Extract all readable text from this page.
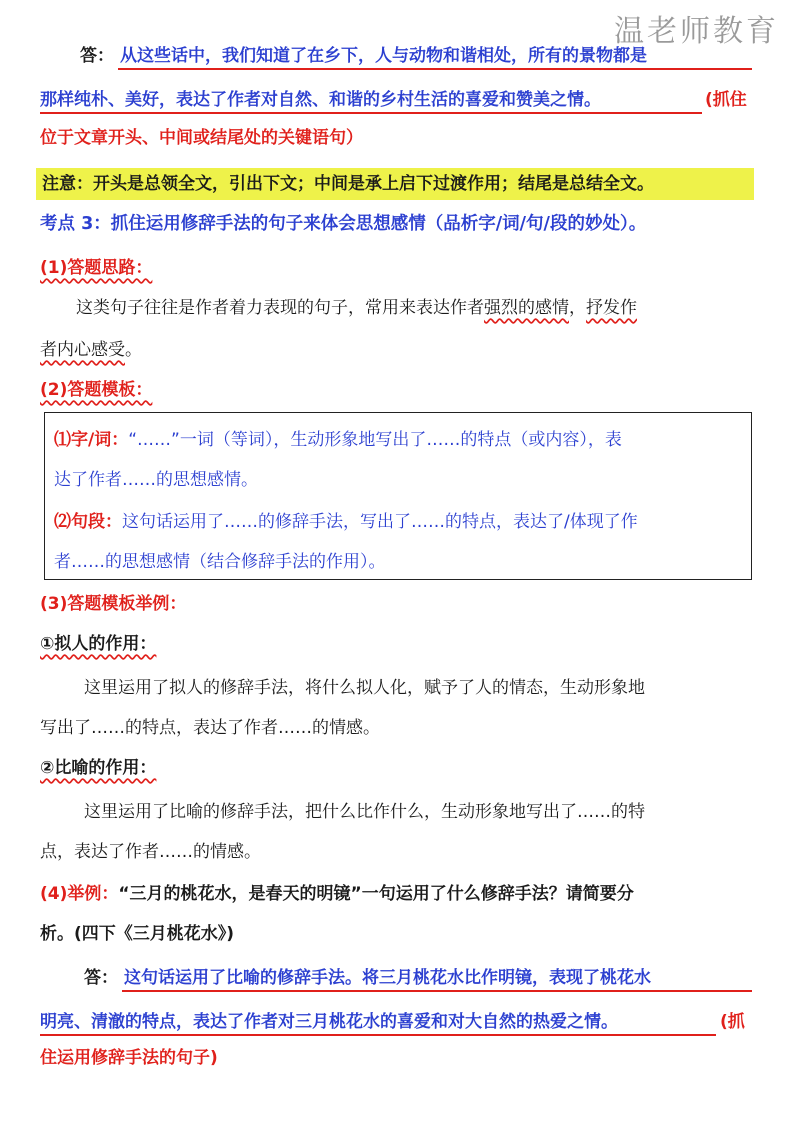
温老师教育
答： 从这些话中，我们知道了在乡下，人与动物和谐相处，所有的景物都是
那样纯朴、美好，表达了作者对自然、和谐的乡村生活的喜爱和赞美之情。	(抓住
位于文章开头、中间或结尾处的关键语句）
注意：开头是总领全文，引出下文；中间是承上启下过渡作用；结尾是总结全文。
考点 3：抓住运用修辞手法的句子来体会思想感情（品析字/词/句/段的妙处）。
(1)答题思路：
这类句子往往是作者着力表现的句子，常用来表达作者强烈的感情，抒发作
者内心感受。
(2)答题模板：
⑴字/词：“……”一词（等词），生动形象地写出了……的特点（或内容），表
达了作者……的思想感情。
⑵句段：这句话运用了……的修辞手法，写出了……的特点，表达了/体现了作
者……的思想感情（结合修辞手法的作用）。
(3)答题模板举例：
①拟人的作用：
这里运用了拟人的修辞手法，将什么拟人化，赋予了人的情态，生动形象地
写出了……的特点，表达了作者……的情感。
②比喻的作用：
这里运用了比喻的修辞手法，把什么比作什么，生动形象地写出了……的特
点，表达了作者……的情感。
(4)举例：“三月的桃花水，是春天的明镜”一句运用了什么修辞手法？请简要分
析。(四下《三月桃花水》)
答： 这句话运用了比喻的修辞手法。将三月桃花水比作明镜，表现了桃花水
明亮、清澈的特点，表达了作者对三月桃花水的喜爱和对大自然的热爱之情。	(抓
住运用修辞手法的句子)
